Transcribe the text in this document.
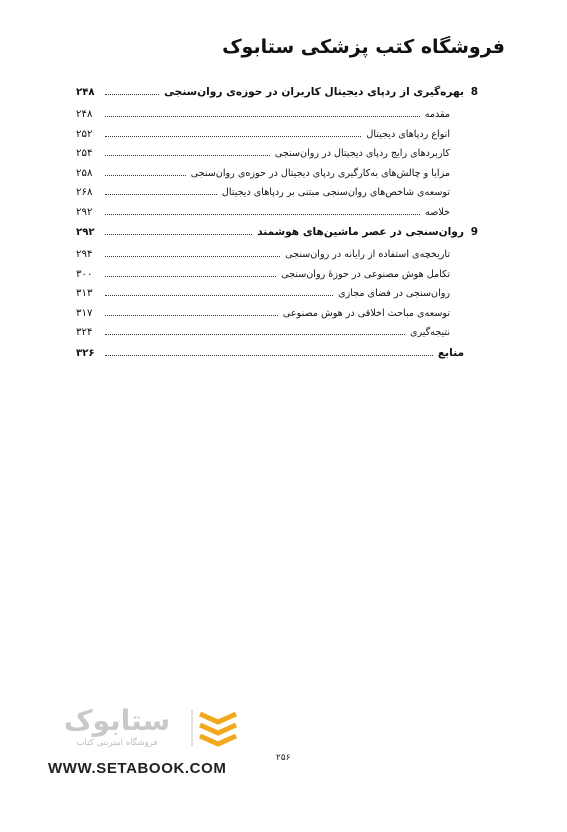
فروشگاه کتب پزشکی ستابوک
8
بهره‌گیری از ردپای دیجیتال کاربران در حوزه‌ی روان‌سنجی
۲۴۸
مقدمه
۲۴۸
انواع ردپاهای دیجیتال
۲۵۲
کاربردهای رایج ردپای دیجیتال در روان‌سنجی
۲۵۴
مزایا و چالش‌های به‌کارگیری ردپای دیجیتال در حوزه‌ی روان‌سنجی
۲۵۸
توسعه‌ی شاخص‌های روان‌سنجی مبتنی بر ردپاهای دیجیتال
۲۶۸
خلاصه
۲۹۲
9
روان‌سنجی در عصر ماشین‌های هوشمند
۲۹۲
تاریخچه‌ی استفاده از رایانه در روان‌سنجی
۲۹۴
تکامل هوش مصنوعی در حوزهٔ روان‌سنجی
۳۰۰
روان‌سنجی در فضای مجازی
۳۱۳
توسعه‌ی مباحث اخلاقی در هوش مصنوعی
۳۱۷
نتیجه‌گیری
۳۲۴
منابع
۳۲۶
۲۵۶
ستابوک
فروشگاه اینترنتی کتاب
WWW.SETABOOK.COM
